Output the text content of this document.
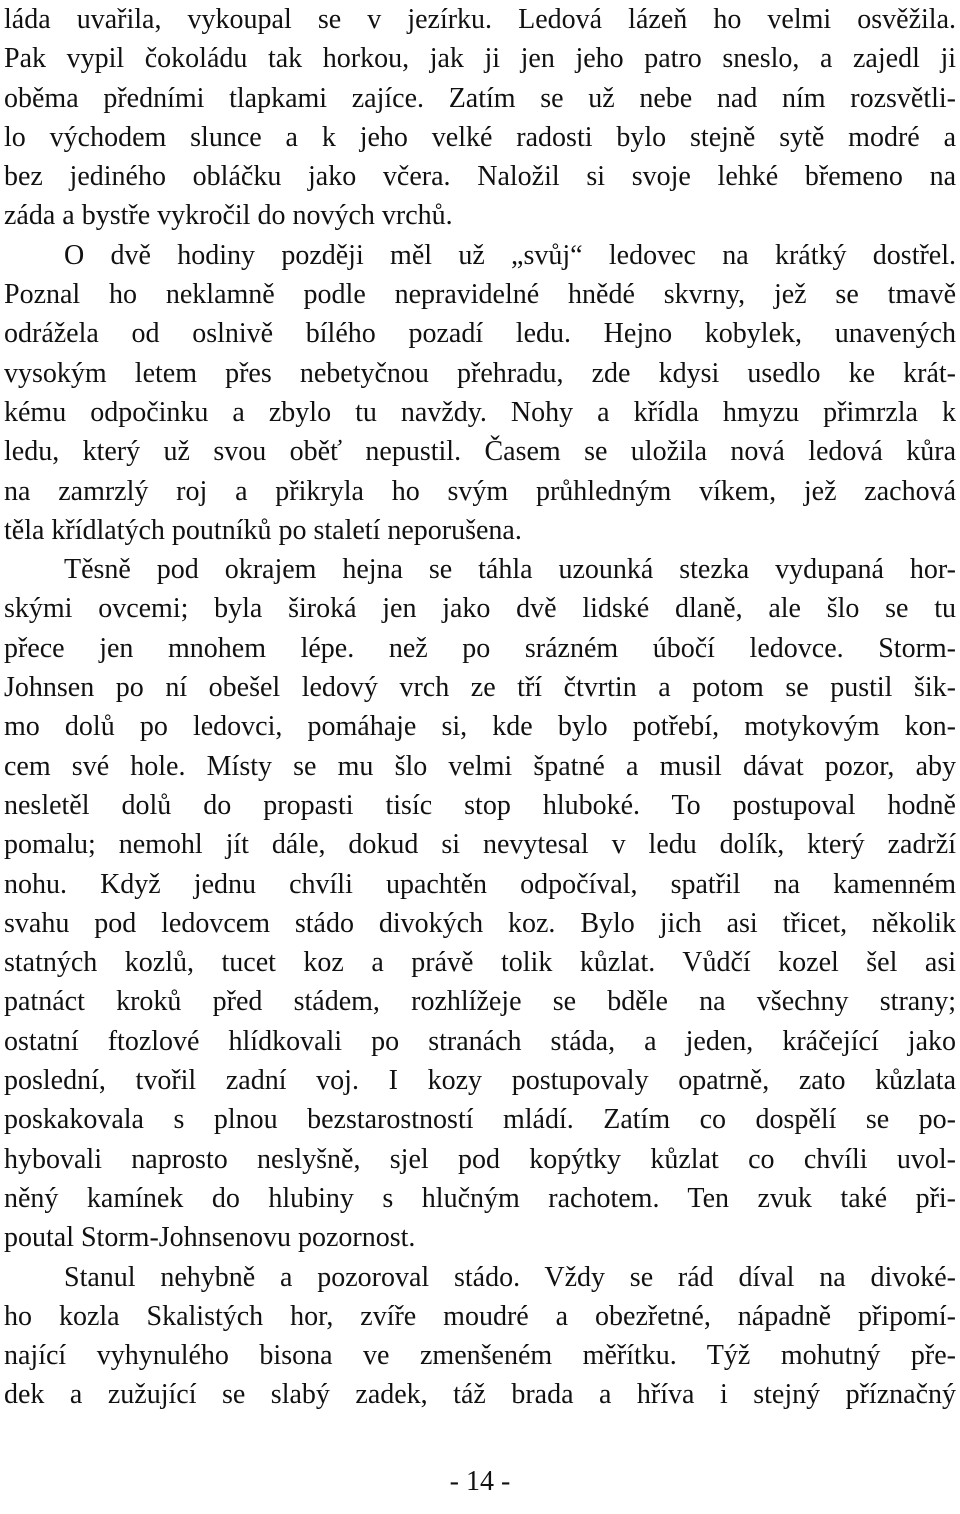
láda uvařila, vykoupal se v jezírku. Ledová lázeň ho velmi osvěžila.
Pak vypil čokoládu tak horkou, jak ji jen jeho patro sneslo, a zajedl ji
oběma předními tlapkami zajíce. Zatím se už nebe nad ním rozsvětli-
lo východem slunce a k jeho velké radosti bylo stejně sytě modré a
bez jediného obláčku jako včera. Naložil si svoje lehké břemeno na
záda a bystře vykročil do nových vrchů.
O dvě hodiny později měl už „svůj“ ledovec na krátký dostřel.
Poznal ho neklamně podle nepravidelné hnědé skvrny, jež se tmavě
odrážela od oslnivě bílého pozadí ledu. Hejno kobylek, unavených
vysokým letem přes nebetyčnou přehradu, zde kdysi usedlo ke krát-
kému odpočinku a zbylo tu navždy. Nohy a křídla hmyzu přimrzla k
ledu, který už svou oběť nepustil. Časem se uložila nová ledová kůra
na zamrzlý roj a přikryla ho svým průhledným víkem, jež zachová
těla křídlatých poutníků po staletí neporušena.
Těsně pod okrajem hejna se táhla uzounká stezka vydupaná hor-
skými ovcemi; byla široká jen jako dvě lidské dlaně, ale šlo se tu
přece jen mnohem lépe. než po srázném úbočí ledovce. Storm-
Johnsen po ní obešel ledový vrch ze tří čtvrtin a potom se pustil šik-
mo dolů po ledovci, pomáhaje si, kde bylo potřebí, motykovým kon-
cem své hole. Místy se mu šlo velmi špatné a musil dávat pozor, aby
nesletěl dolů do propasti tisíc stop hluboké. To postupoval hodně
pomalu; nemohl jít dále, dokud si nevytesal v ledu dolík, který zadrží
nohu. Když jednu chvíli upachtěn odpočíval, spatřil na kamenném
svahu pod ledovcem stádo divokých koz. Bylo jich asi třicet, několik
statných kozlů, tucet koz a právě tolik kůzlat. Vůdčí kozel šel asi
patnáct kroků před stádem, rozhlížeje se bděle na všechny strany;
ostatní ftozlové hlídkovali po stranách stáda, a jeden, kráčející jako
poslední, tvořil zadní voj. I kozy postupovaly opatrně, zato kůzlata
poskakovala s plnou bezstarostností mládí. Zatím co dospělí se po-
hybovali naprosto neslyšně, sjel pod kopýtky kůzlat co chvíli uvol-
něný kamínek do hlubiny s hlučným rachotem. Ten zvuk také při-
poutal Storm-Johnsenovu pozornost.
Stanul nehybně a pozoroval stádo. Vždy se rád díval na divoké-
ho kozla Skalistých hor, zvíře moudré a obezřetné, nápadně připomí-
nající vyhynulého bisona ve zmenšeném měřítku. Týž mohutný pře-
dek a zužující se slabý zadek, táž brada a hříva i stejný příznačný
- 14 -
